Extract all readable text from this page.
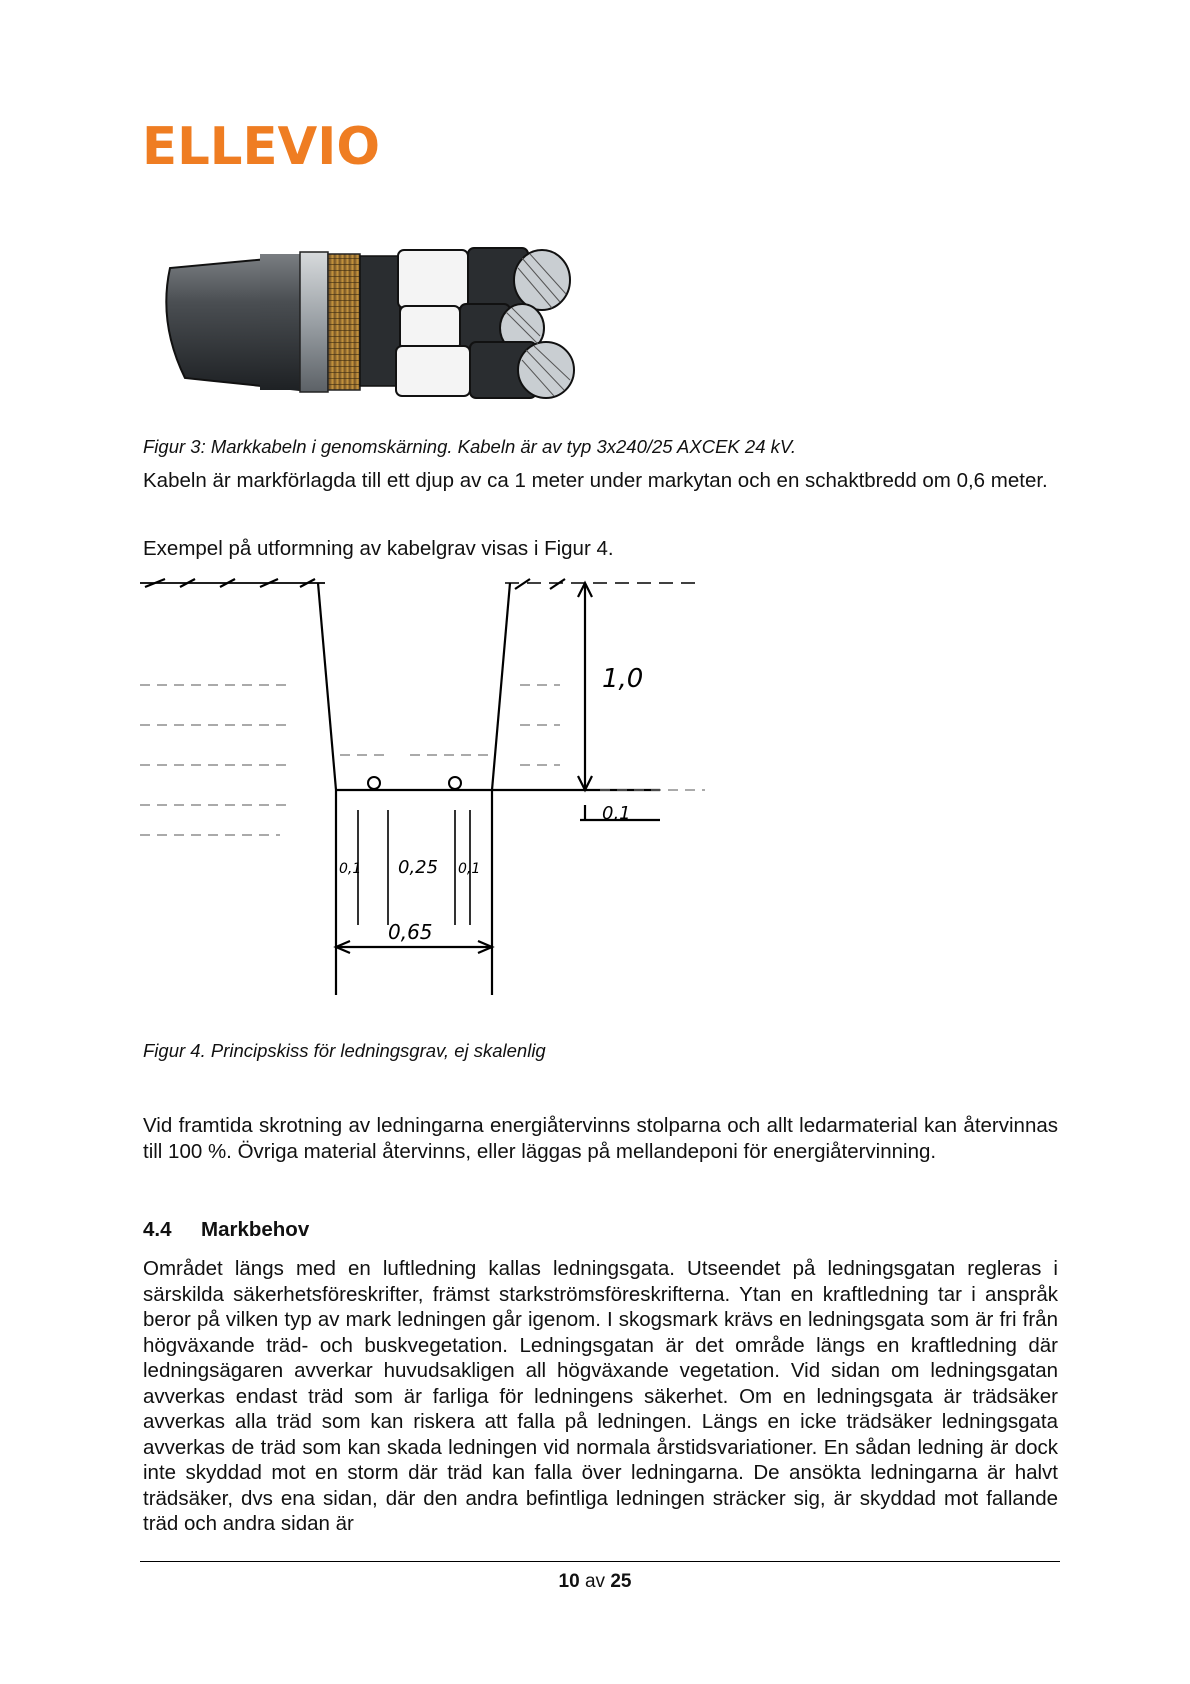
ELLEVIO
Figur 3: Markkabeln i genomskärning. Kabeln är av typ 3x240/25 AXCEK 24 kV.

Kabeln är markförlagda till ett djup av ca 1 meter under markytan och en schaktbredd om 0,6 meter.

Exempel på utformning av kabelgrav visas i Figur 4.

1,0
0,1
0,1 0,25 0,1
0,65
Figur 4. Principskiss för ledningsgrav, ej skalenlig

Vid framtida skrotning av ledningarna energiåtervinns stolparna och allt ledarmaterial kan återvinnas till 100 %. Övriga material återvinns, eller läggas på mellandeponi för energiåtervinning.

4.4 Markbehov

Området längs med en luftledning kallas ledningsgata. Utseendet på ledningsgatan regleras i särskilda säkerhetsföreskrifter, främst starkströmsföreskrifterna. Ytan en kraftledning tar i anspråk beror på vilken typ av mark ledningen går igenom. I skogsmark krävs en ledningsgata som är fri från högväxande träd- och buskvegetation. Ledningsgatan är det område längs en kraftledning där ledningsägaren avverkar huvudsakligen all högväxande vegetation. Vid sidan om ledningsgatan avverkas endast träd som är farliga för ledningens säkerhet. Om en ledningsgata är trädsäker avverkas alla träd som kan riskera att falla på ledningen. Längs en icke trädsäker ledningsgata avverkas de träd som kan skada ledningen vid normala årstidsvariationer. En sådan ledning är dock inte skyddad mot en storm där träd kan falla över ledningarna. De ansökta ledningarna är halvt trädsäker, dvs ena sidan, där den andra befintliga ledningen sträcker sig, är skyddad mot fallande träd och andra sidan är

10 av 25
